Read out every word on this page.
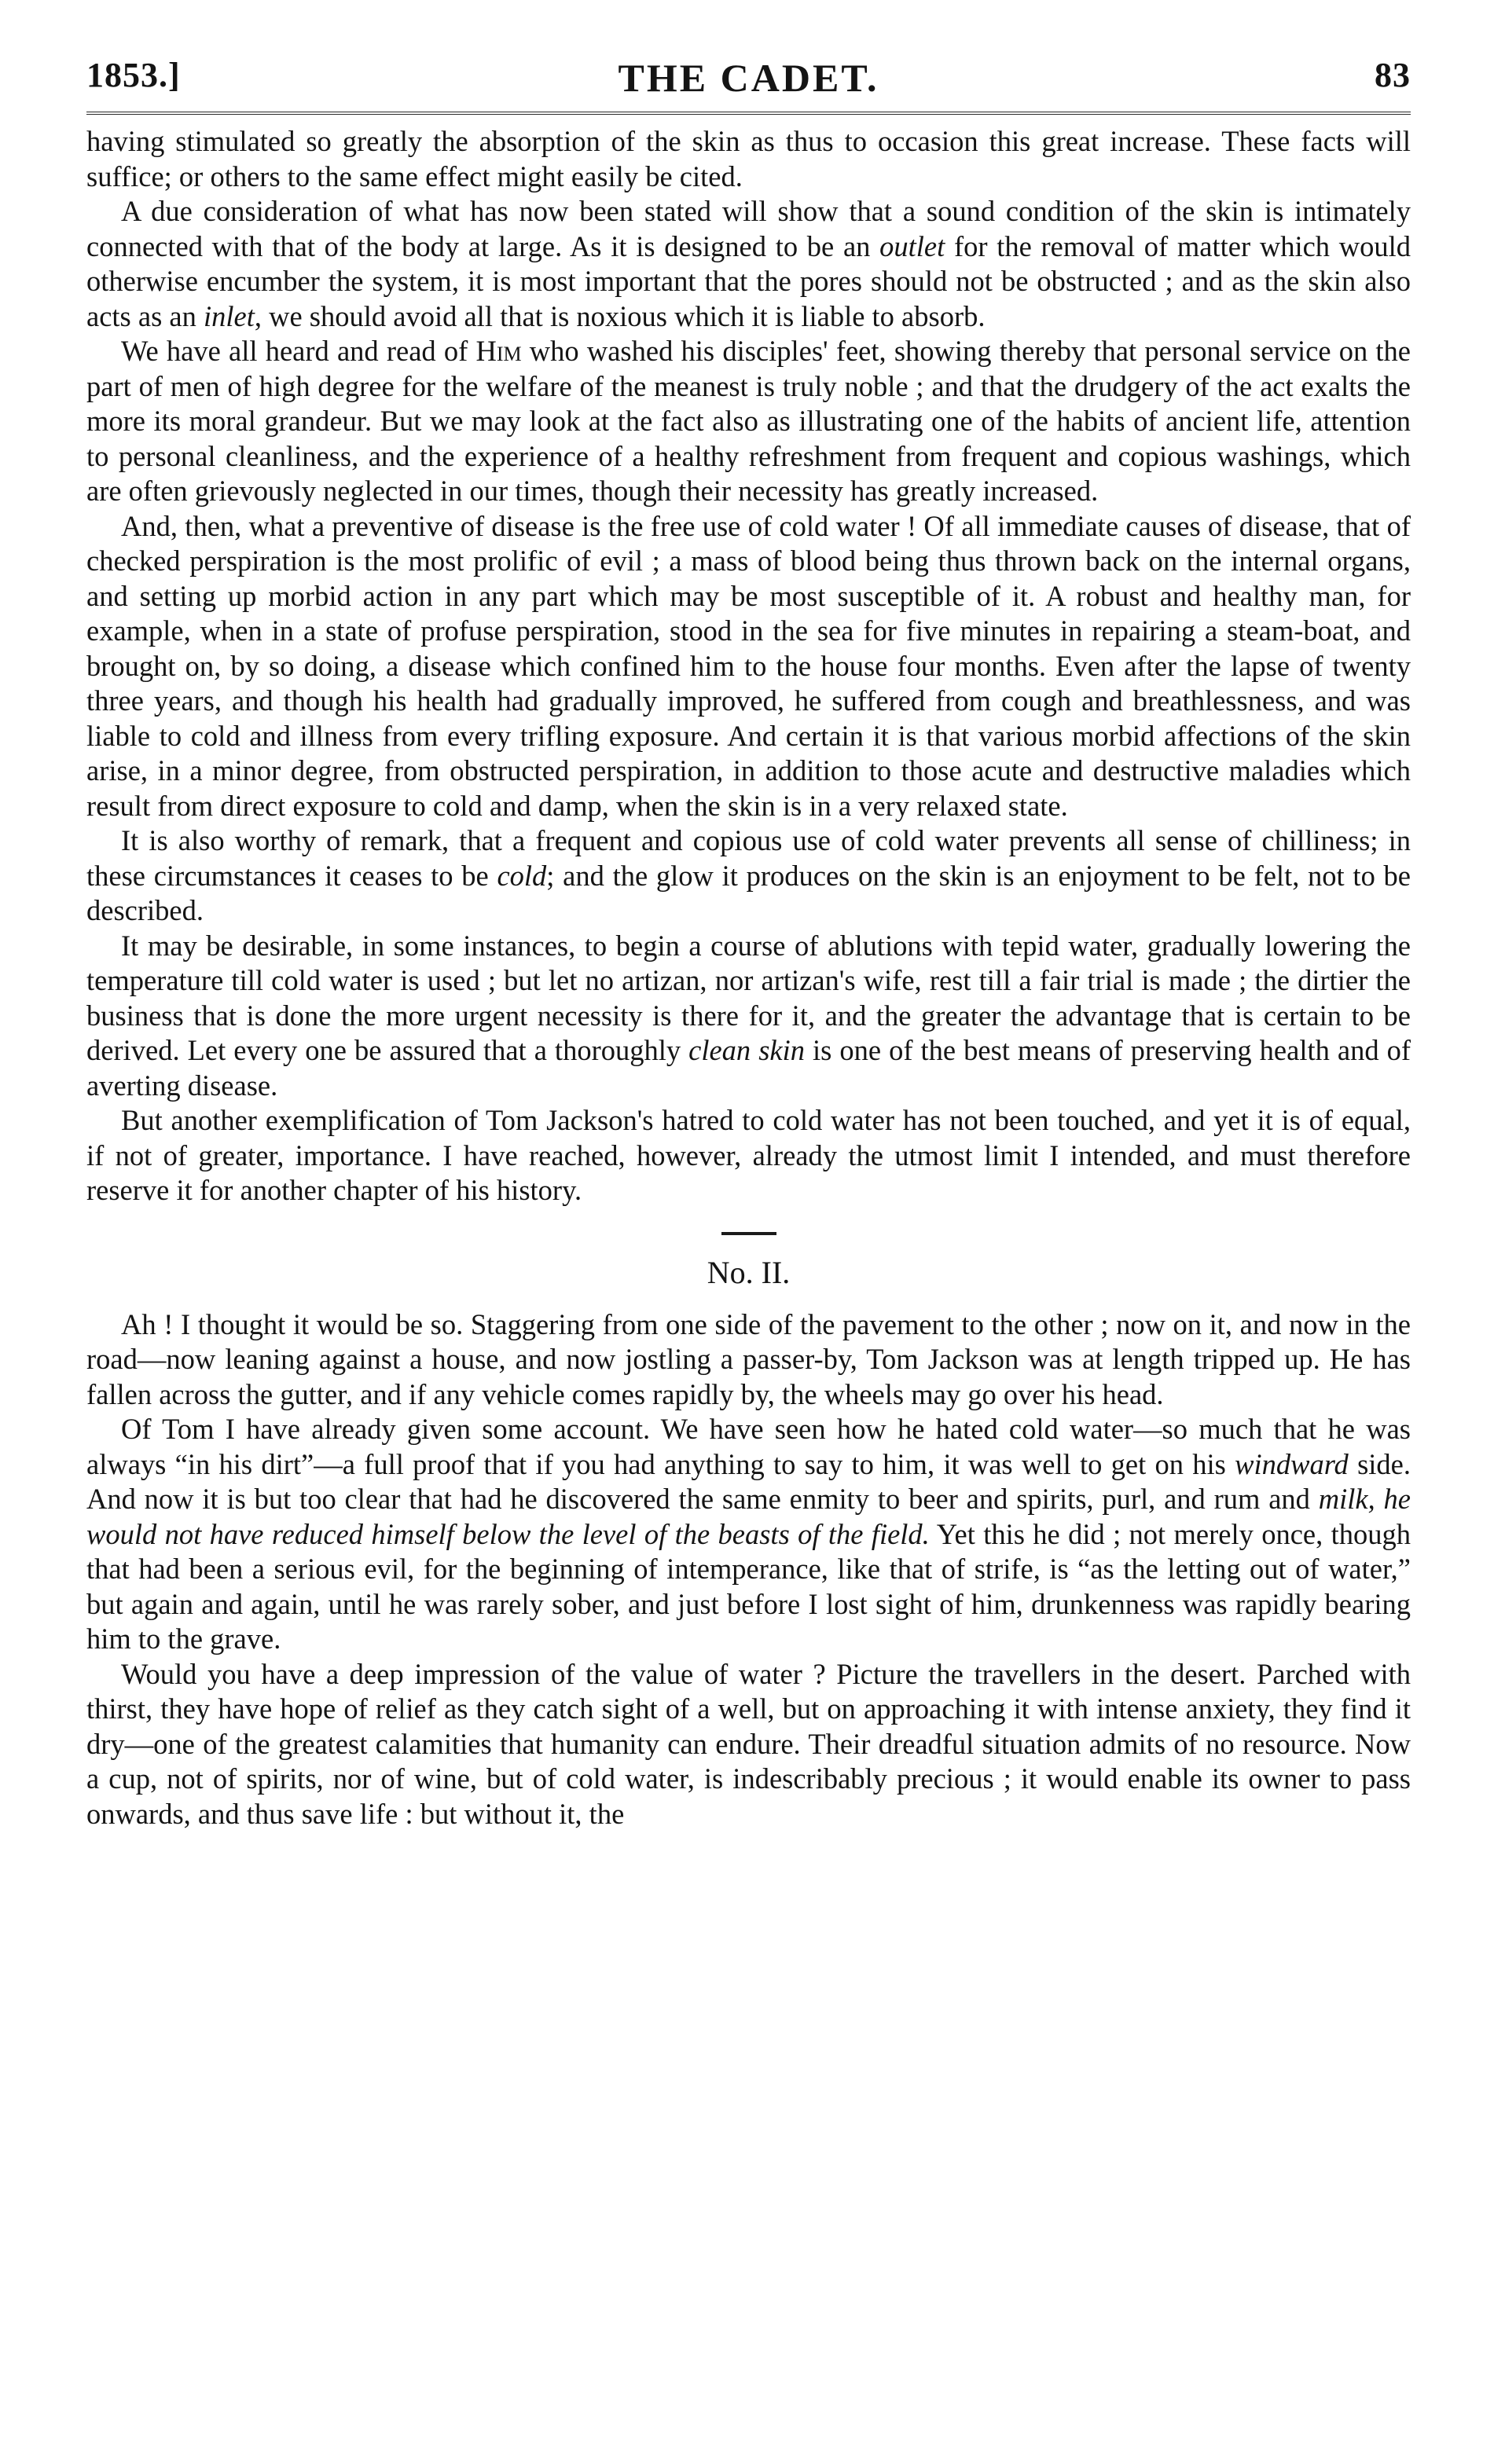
1853.]	THE CADET.	83

having stimulated so greatly the absorption of the skin as thus to occasion this great increase. These facts will suffice; or others to the same effect might easily be cited.

A due consideration of what has now been stated will show that a sound condition of the skin is intimately connected with that of the body at large. As it is designed to be an outlet for the removal of matter which would otherwise encumber the system, it is most important that the pores should not be obstructed ; and as the skin also acts as an inlet, we should avoid all that is noxious which it is liable to absorb.

We have all heard and read of Him who washed his disciples' feet, showing thereby that personal service on the part of men of high degree for the welfare of the meanest is truly noble ; and that the drudgery of the act exalts the more its moral grandeur. But we may look at the fact also as illustrating one of the habits of ancient life, attention to personal cleanliness, and the experience of a healthy refreshment from frequent and copious washings, which are often grievously neglected in our times, though their necessity has greatly increased.

And, then, what a preventive of disease is the free use of cold water ! Of all immediate causes of disease, that of checked perspiration is the most prolific of evil ; a mass of blood being thus thrown back on the internal organs, and setting up morbid action in any part which may be most susceptible of it. A robust and healthy man, for example, when in a state of profuse perspiration, stood in the sea for five minutes in repairing a steam-boat, and brought on, by so doing, a disease which confined him to the house four months. Even after the lapse of twenty three years, and though his health had gradually improved, he suffered from cough and breathlessness, and was liable to cold and illness from every trifling exposure. And certain it is that various morbid affections of the skin arise, in a minor degree, from obstructed perspiration, in addition to those acute and destructive maladies which result from direct exposure to cold and damp, when the skin is in a very relaxed state.

It is also worthy of remark, that a frequent and copious use of cold water prevents all sense of chilliness; in these circumstances it ceases to be cold; and the glow it produces on the skin is an enjoyment to be felt, not to be described.

It may be desirable, in some instances, to begin a course of ablutions with tepid water, gradually lowering the temperature till cold water is used ; but let no artizan, nor artizan's wife, rest till a fair trial is made ; the dirtier the business that is done the more urgent necessity is there for it, and the greater the advantage that is certain to be derived. Let every one be assured that a thoroughly clean skin is one of the best means of preserving health and of averting disease.

But another exemplification of Tom Jackson's hatred to cold water has not been touched, and yet it is of equal, if not of greater, importance. I have reached, however, already the utmost limit I intended, and must therefore reserve it for another chapter of his history.

No. II.

Ah ! I thought it would be so. Staggering from one side of the pavement to the other ; now on it, and now in the road—now leaning against a house, and now jostling a passer-by, Tom Jackson was at length tripped up. He has fallen across the gutter, and if any vehicle comes rapidly by, the wheels may go over his head.

Of Tom I have already given some account. We have seen how he hated cold water—so much that he was always “in his dirt”—a full proof that if you had anything to say to him, it was well to get on his windward side. And now it is but too clear that had he discovered the same enmity to beer and spirits, purl, and rum and milk, he would not have reduced himself below the level of the beasts of the field. Yet this he did ; not merely once, though that had been a serious evil, for the beginning of intemperance, like that of strife, is “as the letting out of water,” but again and again, until he was rarely sober, and just before I lost sight of him, drunkenness was rapidly bearing him to the grave.

Would you have a deep impression of the value of water ? Picture the travellers in the desert. Parched with thirst, they have hope of relief as they catch sight of a well, but on approaching it with intense anxiety, they find it dry—one of the greatest calamities that humanity can endure. Their dreadful situation admits of no resource. Now a cup, not of spirits, nor of wine, but of cold water, is indescribably precious ; it would enable its owner to pass onwards, and thus save life : but without it, the
